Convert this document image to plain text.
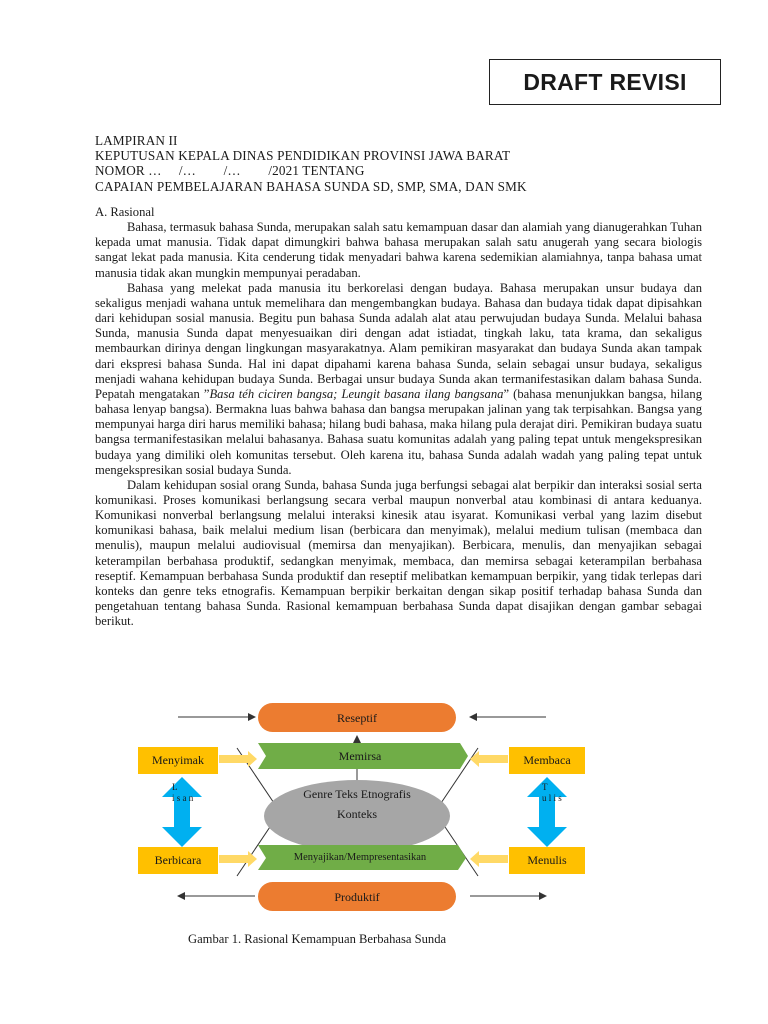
DRAFT REVISI
LAMPIRAN II
KEPUTUSAN KEPALA DINAS PENDIDIKAN PROVINSI JAWA BARAT
NOMOR …     /…        /…        /2021 TENTANG
CAPAIAN PEMBELAJARAN BAHASA SUNDA SD, SMP, SMA, DAN SMK
A. Rasional

Bahasa, termasuk bahasa Sunda, merupakan salah satu kemampuan dasar dan alamiah yang dianugerahkan Tuhan kepada umat manusia. Tidak dapat dimungkiri bahwa bahasa merupakan salah satu anugerah yang secara biologis sangat lekat pada manusia. Kita cenderung tidak menyadari bahwa karena sedemikian alamiahnya, tanpa bahasa umat manusia tidak akan mungkin mempunyai peradaban.

Bahasa yang melekat pada manusia itu berkorelasi dengan budaya. Bahasa merupakan unsur budaya dan sekaligus menjadi wahana untuk memelihara dan mengembangkan budaya. Bahasa dan budaya tidak dapat dipisahkan dari kehidupan sosial manusia. Begitu pun bahasa Sunda adalah alat atau perwujudan budaya Sunda. Melalui bahasa Sunda, manusia Sunda dapat menyesuaikan diri dengan adat istiadat, tingkah laku, tata krama, dan sekaligus membaurkan dirinya dengan lingkungan masyarakatnya. Alam pemikiran masyarakat dan budaya Sunda akan tampak dari ekspresi bahasa Sunda. Hal ini dapat dipahami karena bahasa Sunda, selain sebagai unsur budaya, sekaligus menjadi wahana kehidupan budaya Sunda. Berbagai unsur budaya Sunda akan termanifestasikan dalam bahasa Sunda. Pepatah mengatakan ”Basa téh ciciren bangsa; Leungit basana ilang bangsana” (bahasa menunjukkan bangsa, hilang bahasa lenyap bangsa). Bermakna luas bahwa bahasa dan bangsa merupakan jalinan yang tak terpisahkan. Bangsa yang mempunyai harga diri harus memiliki bahasa; hilang budi bahasa, maka hilang pula derajat diri. Pemikiran budaya suatu bangsa termanifestasikan melalui bahasanya. Bahasa suatu komunitas adalah yang paling tepat untuk mengekspresikan budaya yang dimiliki oleh komunitas tersebut. Oleh karena itu, bahasa Sunda adalah wadah yang paling tepat untuk mengekspresikan sosial budaya Sunda.

Dalam kehidupan sosial orang Sunda, bahasa Sunda juga berfungsi sebagai alat berpikir dan interaksi sosial serta komunikasi. Proses komunikasi berlangsung secara verbal maupun nonverbal atau kombinasi di antara keduanya. Komunikasi nonverbal berlangsung melalui interaksi kinesik atau isyarat. Komunikasi verbal yang lazim disebut komunikasi bahasa, baik melalui medium lisan (berbicara dan menyimak), melalui medium tulisan (membaca dan menulis), maupun melalui audiovisual (memirsa dan menyajikan). Berbicara, menulis, dan menyajikan sebagai keterampilan berbahasa produktif, sedangkan menyimak, membaca, dan memirsa sebagai keterampilan berbahasa reseptif. Kemampuan berbahasa Sunda produktif dan reseptif melibatkan kemampuan berpikir, yang tidak terlepas dari konteks dan genre teks etnografis. Kemampuan berpikir berkaitan dengan sikap positif terhadap bahasa Sunda dan pengetahuan tentang bahasa Sunda. Rasional kemampuan berbahasa Sunda dapat disajikan dengan gambar sebagai berikut.

Reseptif
Memirsa
Genre Teks Etnografis
Konteks
Menyajikan/Mempresentasikan
Produktif
Menyimak	Membaca
Berbicara	Menulis
L
i s a n
T
u l i s
Gambar 1. Rasional Kemampuan Berbahasa Sunda
